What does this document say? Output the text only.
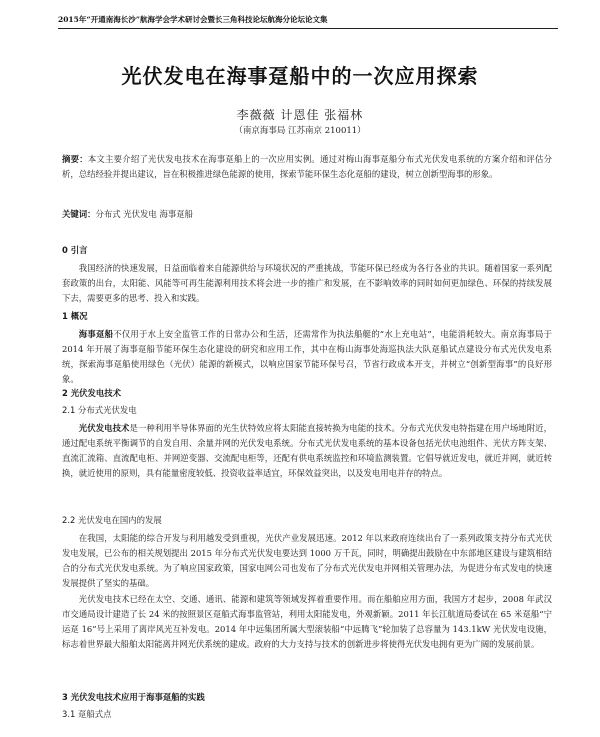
2015年“开通南海长沙”航海学会学术研讨会暨长三角科技论坛航海分论坛论文集
光伏发电在海事趸船中的一次应用探索
李薇薇 计恩佳 张福林
（南京海事局 江苏南京 210011）
摘要：本文主要介绍了光伏发电技术在海事趸船上的一次应用实例。通过对梅山海事趸船分布式光伏发电系统的方案介绍和评估分析，总结经验并提出建议，旨在积极推进绿色能源的使用，探索节能环保生态化趸船的建设，树立创新型海事的形象。
关键词：分布式 光伏发电 海事趸船
0 引言
我国经济的快速发展，日益面临着来自能源供给与环境状况的严重挑战，节能环保已经成为各行各业的共识。随着国家一系列配套政策的出台，太阳能、风能等可再生能源利用技术将会进一步的推广和发展，在不影响效率的同时如何更加绿色、环保的持续发展下去，需要更多的思考、投入和实践。
1 概况
海事趸船不仅用于水上安全监管工作的日常办公和生活，还需常作为执法船艇的“水上充电站”，电能消耗较大。南京海事局于 2014 年开展了海事趸船节能环保生态化建设的研究和应用工作，其中在梅山海事处海巡执法大队趸船试点建设分布式光伏发电系统，探索海事趸船使用绿色（光伏）能源的新模式，以响应国家节能环保号召，节省行政成本开支，并树立“创新型海事”的良好形象。
2 光伏发电技术
2.1 分布式光伏发电
光伏发电技术是一种利用半导体界面的光生伏特效应将太阳能直接转换为电能的技术。分布式光伏发电特指建在用户场地附近，通过配电系统平衡调节的自发自用、余量并网的光伏发电系统。分布式光伏发电系统的基本设备包括光伏电池组件、光伏方阵支架、直流汇流箱、直流配电柜、并网逆变器、交流配电柜等，还配有供电系统监控和环境监测装置。它倡导就近发电，就近并网，就近转换，就近使用的原则，具有能量密度较低、投资收益率适宜，环保效益突出，以及发电用电并存的特点。
2.2 光伏发电在国内的发展
在我国，太阳能的综合开发与利用越发受到重视，光伏产业发展迅速。2012 年以来政府连续出台了一系列政策支持分布式光伏发电发展，已公布的相关规划提出 2015 年分布式光伏发电要达到 1000 万千瓦，同时，明确提出鼓励在中东部地区建设与建筑相结合的分布式光伏发电系统。为了响应国家政策，国家电网公司也发布了分布式光伏发电并网相关管理办法，为促进分布式发电的快速发展提供了坚实的基础。
光伏发电技术已经在太空、交通、通讯、能源和建筑等领域发挥着重要作用。而在船舶应用方面，我国方才起步，2008 年武汉市交通局设计建造了长 24 米的按照景区趸船式海事监管站，利用太阳能发电，外观新颖。2011 年长江航道局委试在 65 米趸船“宁运趸 16”号上采用了离岸风光互补发电。2014 年中远集团所属大型滚装船“中远腾飞”轮加装了总容量为 143.1kW 光伏发电设施，标志着世界最大船舶太阳能离并网光伏系统的建成。政府的大力支持与技术的创新进步将使得光伏发电拥有更为广阔的发展前景。
3 光伏发电技术应用于海事趸船的实践
3.1 趸船式点
